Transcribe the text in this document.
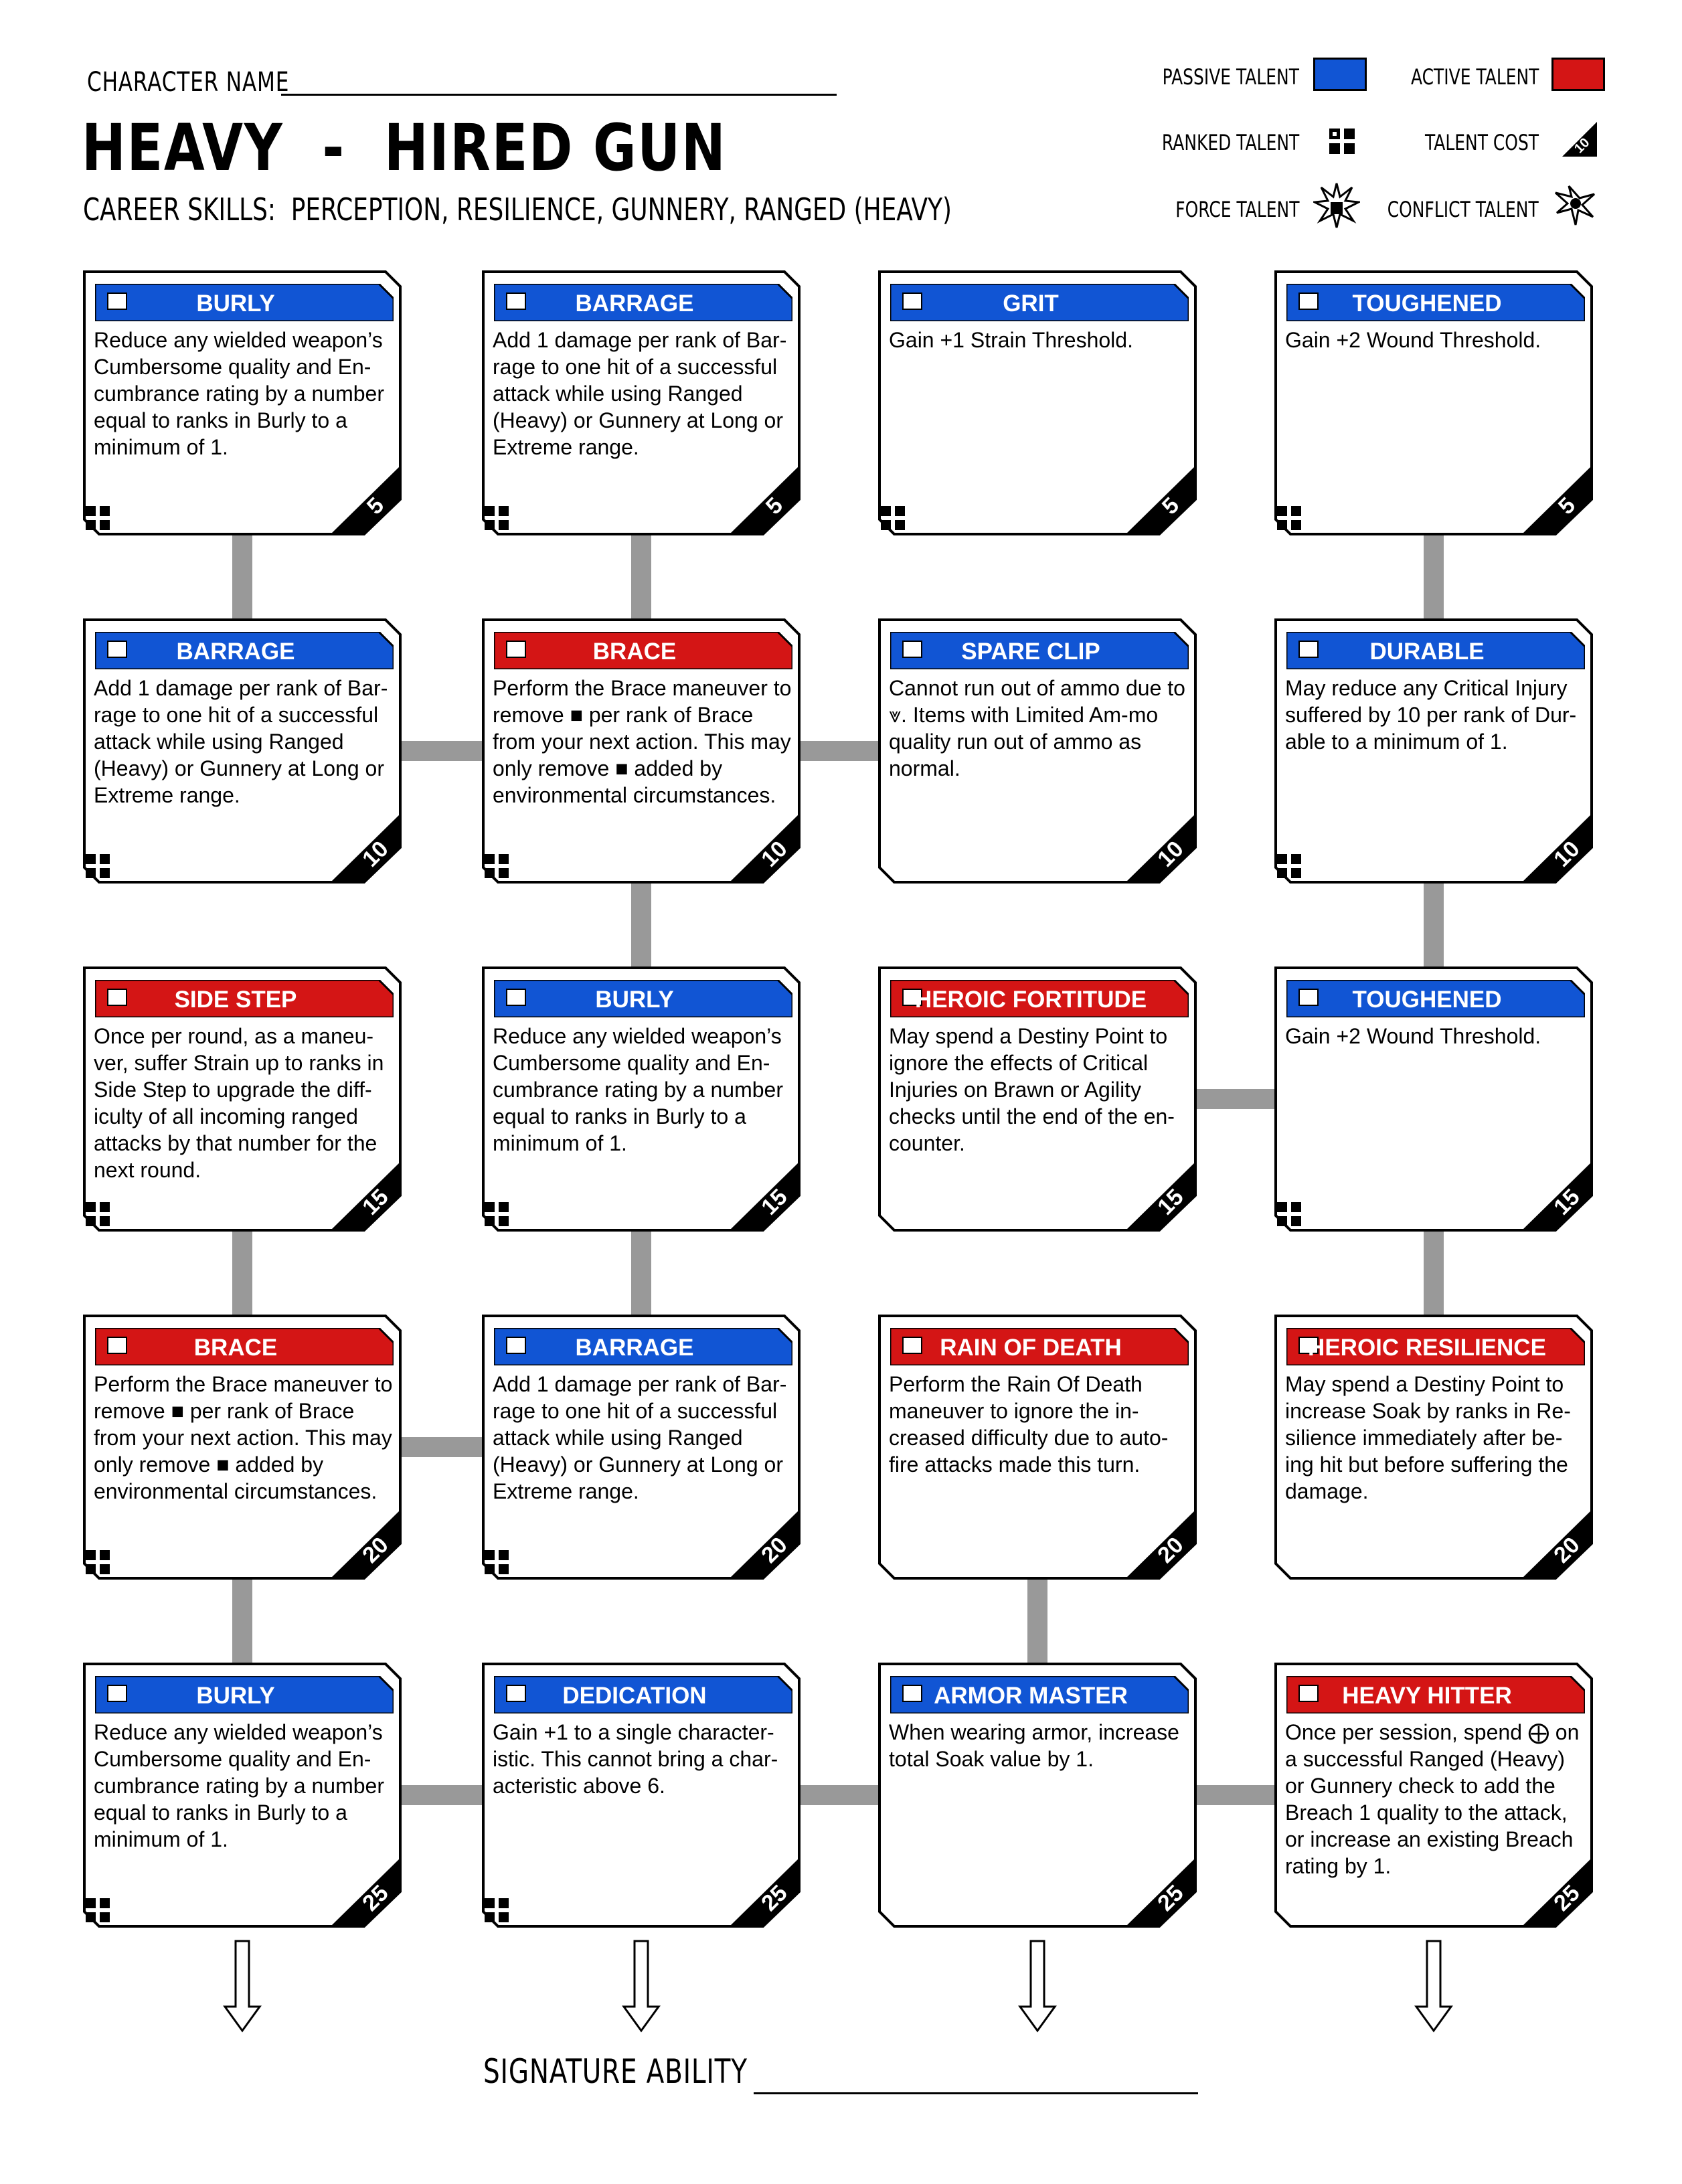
CHARACTER NAME
HEAVY  -  HIRED GUN
CAREER SKILLS:  PERCEPTION, RESILIENCE, GUNNERY, RANGED (HEAVY)
PASSIVE TALENT	ACTIVE TALENT
RANKED TALENT	TALENT COST 10
FORCE TALENT	CONFLICT TALENT
BURLY
Reduce any wielded weapon’s Cumbersome quality and En-cumbrance rating by a number equal to ranks in Burly to a minimum of 1.
5
BARRAGE
Add 1 damage per rank of Bar-rage to one hit of a successful attack while using Ranged (Heavy) or Gunnery at Long or Extreme range.
5
GRIT
Gain +1 Strain Threshold.
5
TOUGHENED
Gain +2 Wound Threshold.
5
BARRAGE
Add 1 damage per rank of Bar-rage to one hit of a successful attack while using Ranged (Heavy) or Gunnery at Long or Extreme range.
10
BRACE
Perform the Brace maneuver to remove ■ per rank of Brace from your next action. This may only remove ■ added by environmental circumstances.
10
SPARE CLIP
Cannot run out of ammo due to ⩔. Items with Limited Am-mo quality run out of ammo as normal.
10
DURABLE
May reduce any Critical Injury suffered by 10 per rank of Dur-able to a minimum of 1.
10
SIDE STEP
Once per round, as a maneu-ver, suffer Strain up to ranks in Side Step to upgrade the diff-iculty of all incoming ranged attacks by that number for the next round.
15
BURLY
Reduce any wielded weapon’s Cumbersome quality and En-cumbrance rating by a number equal to ranks in Burly to a minimum of 1.
15
HEROIC FORTITUDE
May spend a Destiny Point to ignore the effects of Critical Injuries on Brawn or Agility checks until the end of the en-counter.
15
TOUGHENED
Gain +2 Wound Threshold.
15
BRACE
Perform the Brace maneuver to remove ■ per rank of Brace from your next action. This may only remove ■ added by environmental circumstances.
20
BARRAGE
Add 1 damage per rank of Bar-rage to one hit of a successful attack while using Ranged (Heavy) or Gunnery at Long or Extreme range.
20
RAIN OF DEATH
Perform the Rain Of Death maneuver to ignore the in-creased difficulty due to auto-fire attacks made this turn.
20
HEROIC RESILIENCE
May spend a Destiny Point to increase Soak by ranks in Re-silience immediately after be-ing hit but before suffering the damage.
20
BURLY
Reduce any wielded weapon’s Cumbersome quality and En-cumbrance rating by a number equal to ranks in Burly to a minimum of 1.
25
DEDICATION
Gain +1 to a single character-istic. This cannot bring a char-acteristic above 6.
25
ARMOR MASTER
When wearing armor, increase total Soak value by 1.
25
HEAVY HITTER
Once per session, spend ⨁ on a successful Ranged (Heavy) or Gunnery check to add the Breach 1 quality to the attack, or increase an existing Breach rating by 1.
25
SIGNATURE ABILITY
